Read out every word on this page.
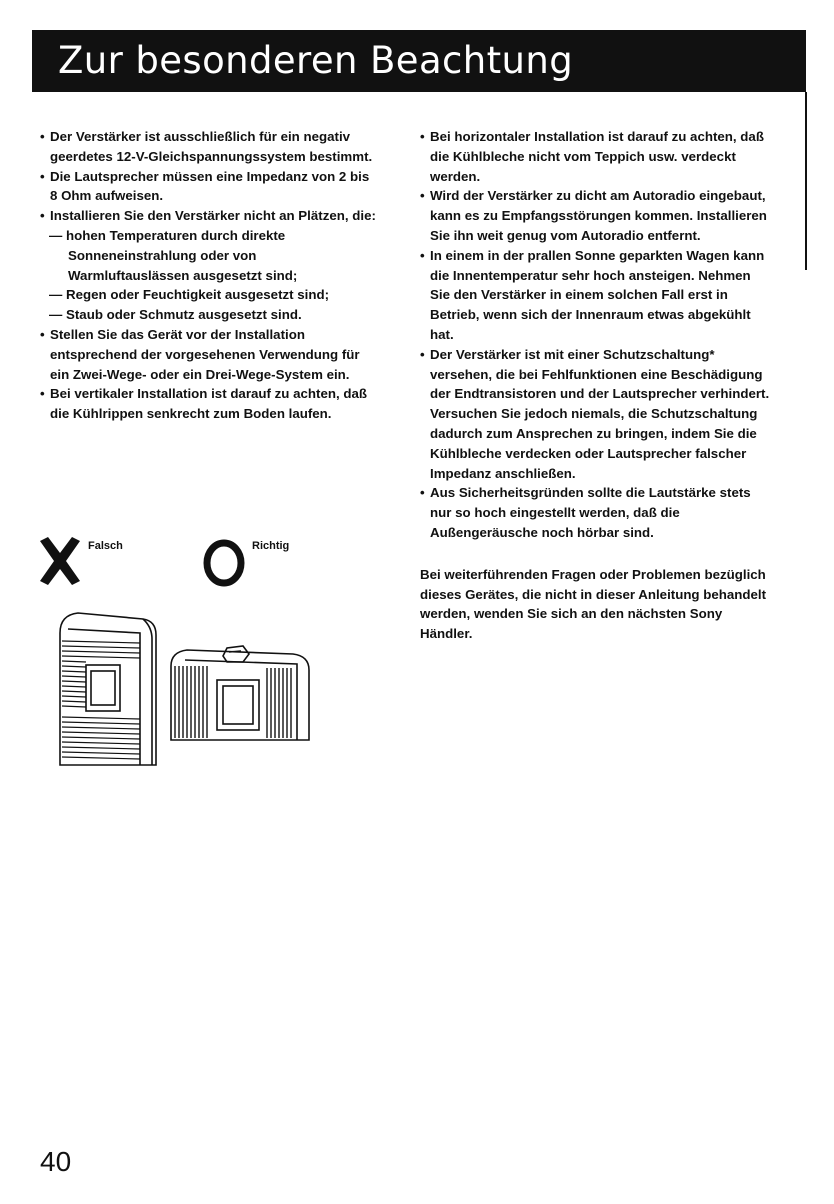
Zur besonderen Beachtung

• Der Verstärker ist ausschließlich für ein negativ geerdetes 12-V-Gleichspannungssystem bestimmt.

• Die Lautsprecher müssen eine Impedanz von 2 bis 8 Ohm aufweisen.

• Installieren Sie den Verstärker nicht an Plätzen, die:

— hohen Temperaturen durch direkte Sonneneinstrahlung oder von Warmluftauslässen ausgesetzt sind;

— Regen oder Feuchtigkeit ausgesetzt sind;

— Staub oder Schmutz ausgesetzt sind.

• Stellen Sie das Gerät vor der Installation entsprechend der vorgesehenen Verwendung für ein Zwei-Wege- oder ein Drei-Wege-System ein.

• Bei vertikaler Installation ist darauf zu achten, daß die Kühlrippen senkrecht zum Boden laufen.

Falsch	Richtig

• Bei horizontaler Installation ist darauf zu achten, daß die Kühlbleche nicht vom Teppich usw. verdeckt werden.

• Wird der Verstärker zu dicht am Autoradio eingebaut, kann es zu Empfangsstörungen kommen. Installieren Sie ihn weit genug vom Autoradio entfernt.

• In einem in der prallen Sonne geparkten Wagen kann die Innentemperatur sehr hoch ansteigen. Nehmen Sie den Verstärker in einem solchen Fall erst in Betrieb, wenn sich der Innenraum etwas abgekühlt hat.

• Der Verstärker ist mit einer Schutzschaltung* versehen, die bei Fehlfunktionen eine Beschädigung der Endtransistoren und der Lautsprecher verhindert. Versuchen Sie jedoch niemals, die Schutzschaltung dadurch zum Ansprechen zu bringen, indem Sie die Kühlbleche verdecken oder Lautsprecher falscher Impedanz anschließen.

• Aus Sicherheitsgründen sollte die Lautstärke stets nur so hoch eingestellt werden, daß die Außengeräusche noch hörbar sind.

Bei weiterführenden Fragen oder Problemen bezüglich dieses Gerätes, die nicht in dieser Anleitung behandelt werden, wenden Sie sich an den nächsten Sony Händler.

40
